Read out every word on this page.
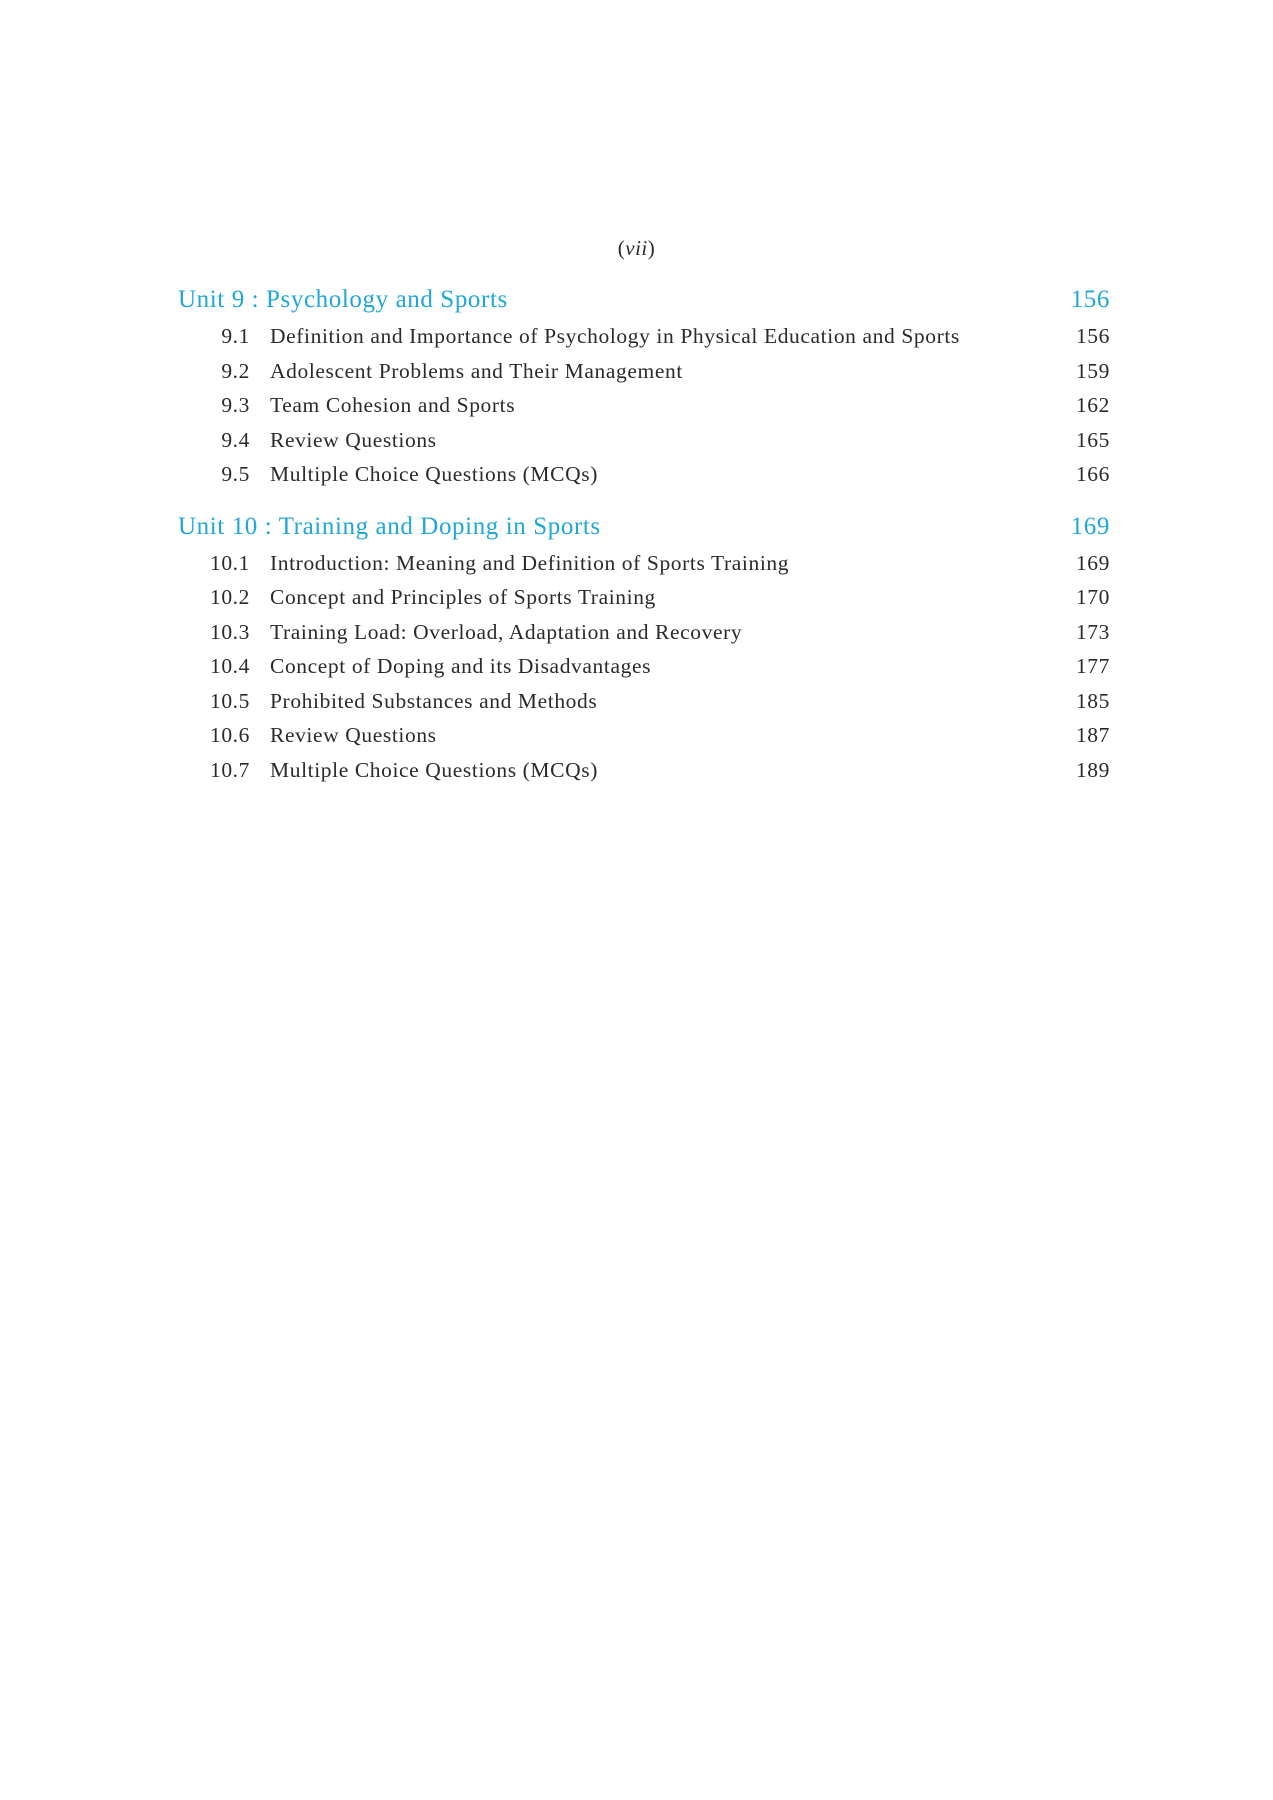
(vii)
Unit 9 : Psychology and Sports	156
9.1 Definition and Importance of Psychology in Physical Education and Sports	156
9.2 Adolescent Problems and Their Management	159
9.3 Team Cohesion and Sports	162
9.4 Review Questions	165
9.5 Multiple Choice Questions (MCQs)	166
Unit 10 : Training and Doping in Sports	169
10.1 Introduction: Meaning and Definition of Sports Training	169
10.2 Concept and Principles of Sports Training	170
10.3 Training Load: Overload, Adaptation and Recovery	173
10.4 Concept of Doping and its Disadvantages	177
10.5 Prohibited Substances and Methods	185
10.6 Review Questions	187
10.7 Multiple Choice Questions (MCQs)	189
